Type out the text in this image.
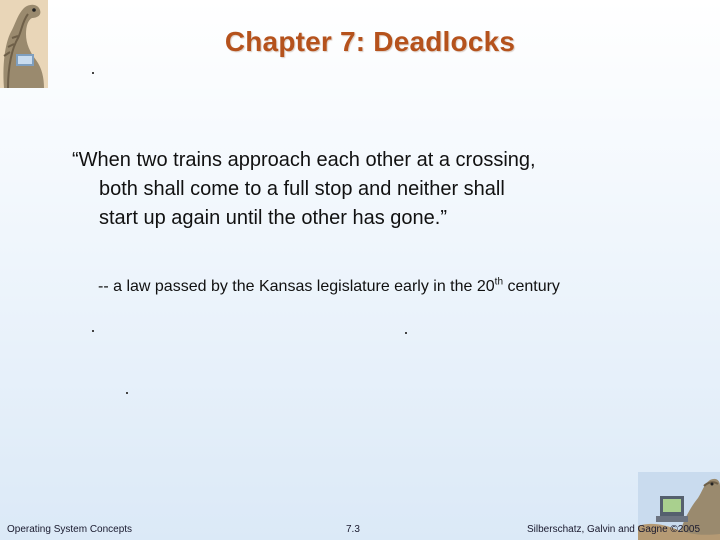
Chapter 7: Deadlocks
“When two trains approach each other at a crossing,
both shall come to a full stop and neither shall
start up again until the other has gone.”
-- a law passed by the Kansas legislature early in the 20th century
Operating System Concepts	7.3	Silberschatz, Galvin and Gagne ©2005
